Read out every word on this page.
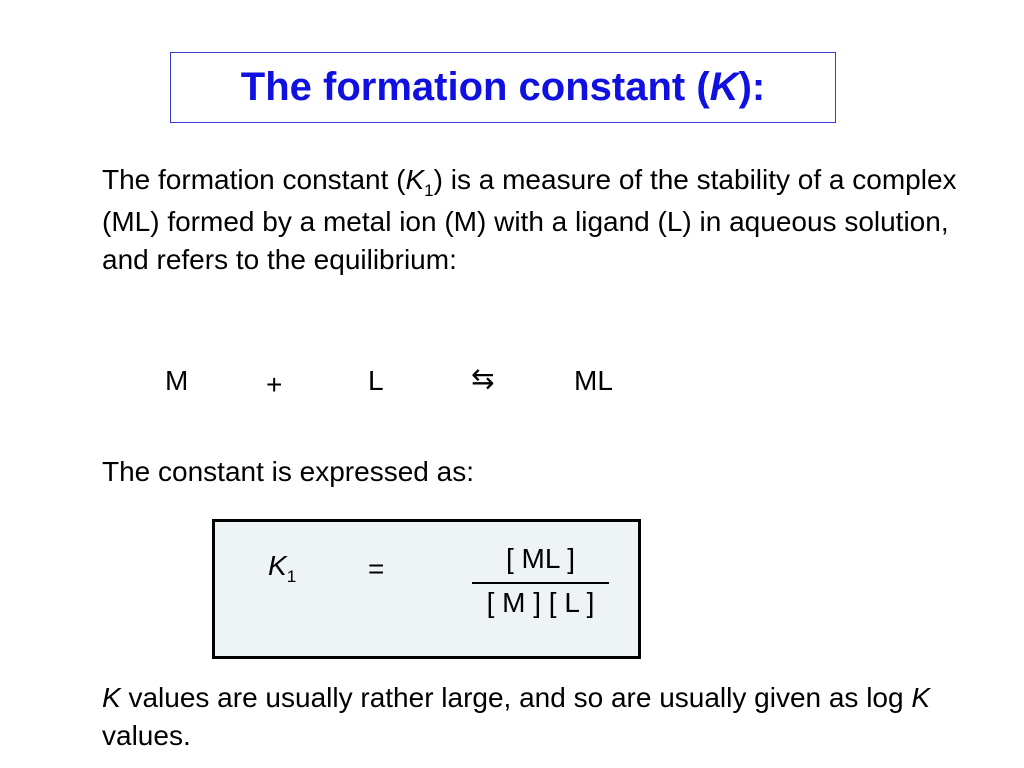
The formation constant (K):

The formation constant $(K_1)$ is a measure of the stability of a complex (ML) formed by a metal ion (M) with a ligand (L) in aqueous solution, and refers to the equilibrium:

M	+	L	⇆	ML

The constant is expressed as:

$K_1$	=	[ ML ]
[ M ] [ L ]

K values are usually rather large, and so are usually given as log K values.
